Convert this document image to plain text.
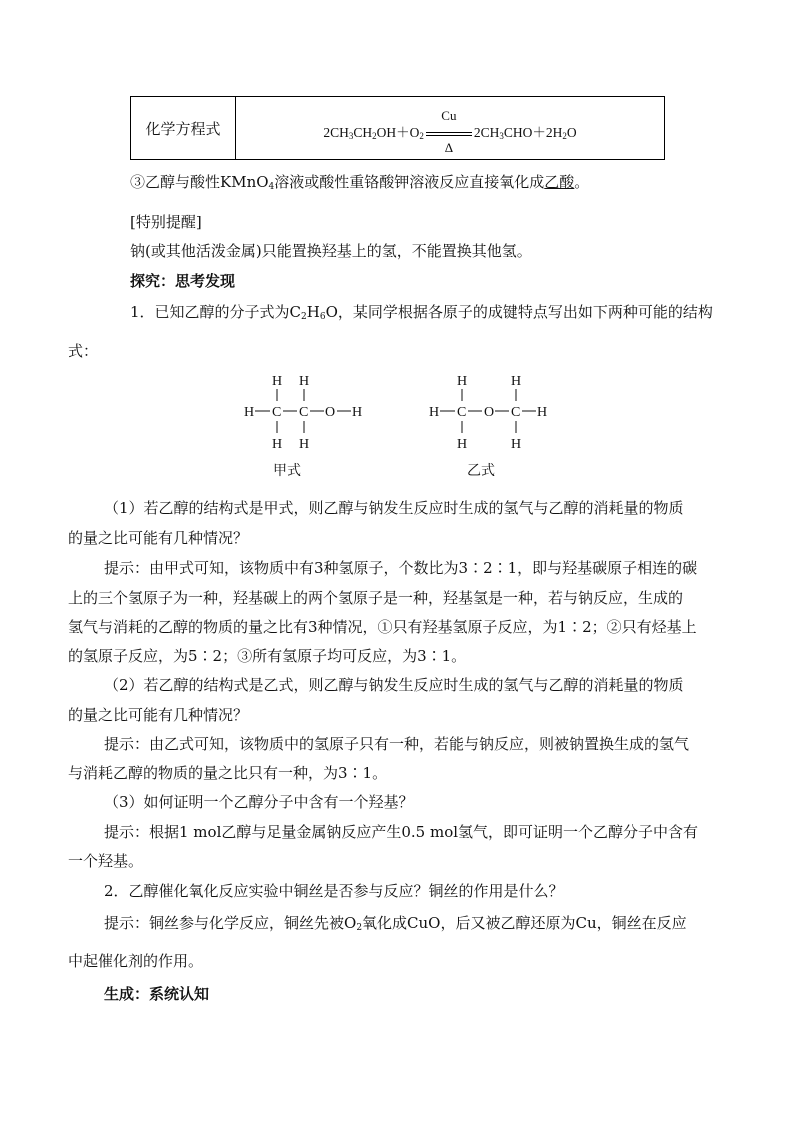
化学方程式	$2CH_3CH_2OH+O_2 \frac{Cu}{\Delta} 2CH_3CHO+2H_2O$
③乙醇与酸性KMnO$_4$溶液或酸性重铬酸钾溶液反应直接氧化成乙酸。
[特别提醒]
钠(或其他活泼金属)只能置换羟基上的氢，不能置换其他氢。
探究：思考发现
1．已知乙醇的分子式为$C_2H_6O$，某同学根据各原子的成键特点写出如下两种可能的结构
式：
H H
H C C O H
H H
甲式
H	H
H C O C H
H	H
乙式
（1）若乙醇的结构式是甲式，则乙醇与钠发生反应时生成的氢气与乙醇的消耗量的物质
的量之比可能有几种情况？
提示：由甲式可知，该物质中有3种氢原子，个数比为3∶2∶1，即与羟基碳原子相连的碳
上的三个氢原子为一种，羟基碳上的两个氢原子是一种，羟基氢是一种，若与钠反应，生成的
氢气与消耗的乙醇的物质的量之比有3种情况，①只有羟基氢原子反应，为1∶2；②只有烃基上
的氢原子反应，为5∶2；③所有氢原子均可反应，为3∶1。
（2）若乙醇的结构式是乙式，则乙醇与钠发生反应时生成的氢气与乙醇的消耗量的物质
的量之比可能有几种情况？
提示：由乙式可知，该物质中的氢原子只有一种，若能与钠反应，则被钠置换生成的氢气
与消耗乙醇的物质的量之比只有一种，为3∶1。
（3）如何证明一个乙醇分子中含有一个羟基？
提示：根据1 mol乙醇与足量金属钠反应产生0.5 mol氢气，即可证明一个乙醇分子中含有
一个羟基。
2．乙醇催化氧化反应实验中铜丝是否参与反应？铜丝的作用是什么？
提示：铜丝参与化学反应，铜丝先被$O_2$氧化成CuO，后又被乙醇还原为Cu，铜丝在反应
中起催化剂的作用。
生成：系统认知
